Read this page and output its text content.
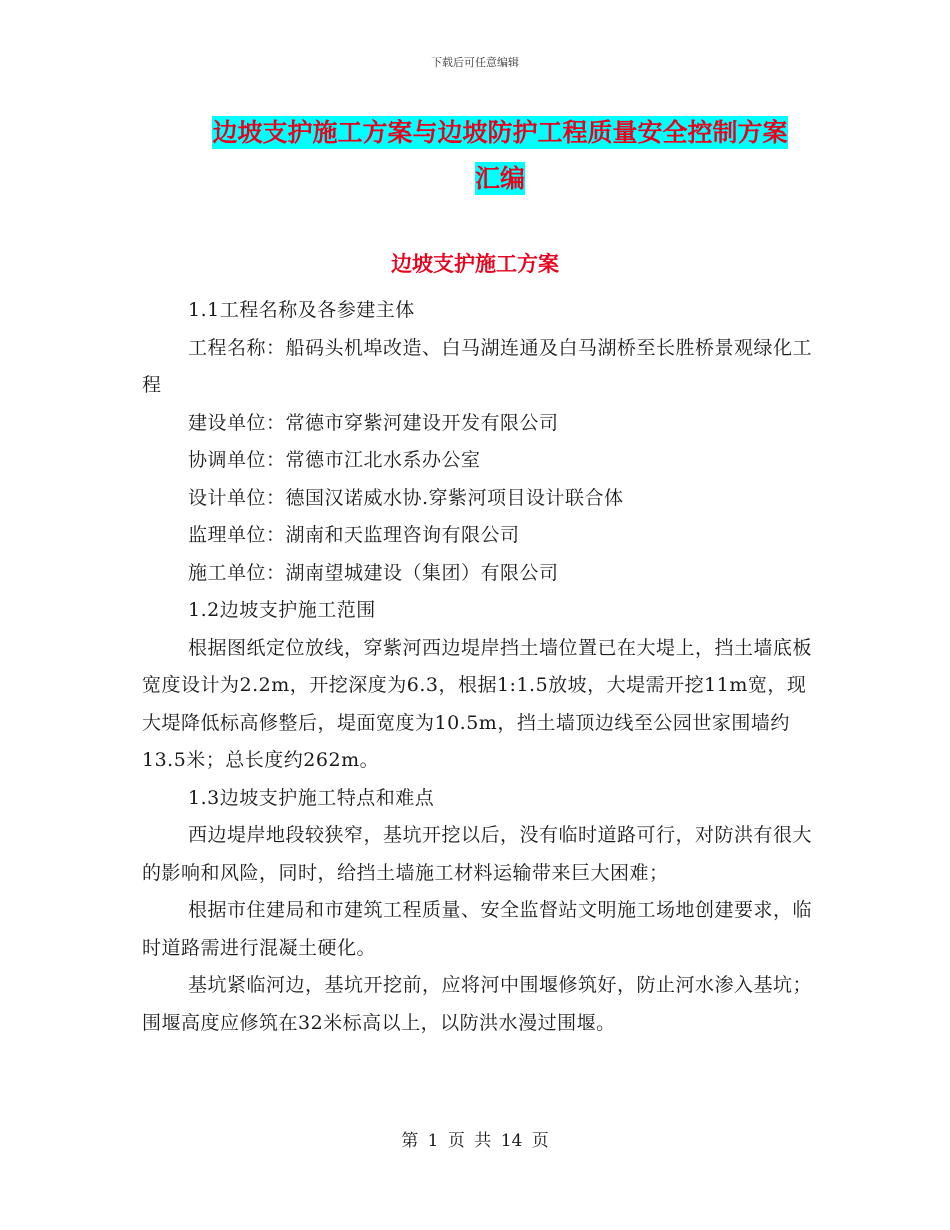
下载后可任意编辑
边坡支护施工方案与边坡防护工程质量安全控制方案
汇编
边坡支护施工方案

1.1工程名称及各参建主体

工程名称：船码头机埠改造、白马湖连通及白马湖桥至长胜桥景观绿化工程

建设单位：常德市穿紫河建设开发有限公司

协调单位：常德市江北水系办公室

设计单位：德国汉诺威水协.穿紫河项目设计联合体

监理单位：湖南和天监理咨询有限公司

施工单位：湖南望城建设（集团）有限公司

1.2边坡支护施工范围

根据图纸定位放线，穿紫河西边堤岸挡土墙位置已在大堤上，挡土墙底板宽度设计为2.2m，开挖深度为6.3，根据1:1.5放坡，大堤需开挖11m宽，现大堤降低标高修整后，堤面宽度为10.5m，挡土墙顶边线至公园世家围墙约13.5米；总长度约262m。

1.3边坡支护施工特点和难点

西边堤岸地段较狭窄，基坑开挖以后，没有临时道路可行，对防洪有很大的影响和风险，同时，给挡土墙施工材料运输带来巨大困难；

根据市住建局和市建筑工程质量、安全监督站文明施工场地创建要求，临时道路需进行混凝土硬化。

基坑紧临河边，基坑开挖前，应将河中围堰修筑好，防止河水渗入基坑；围堰高度应修筑在32米标高以上，以防洪水漫过围堰。

第 1 页 共 14 页
